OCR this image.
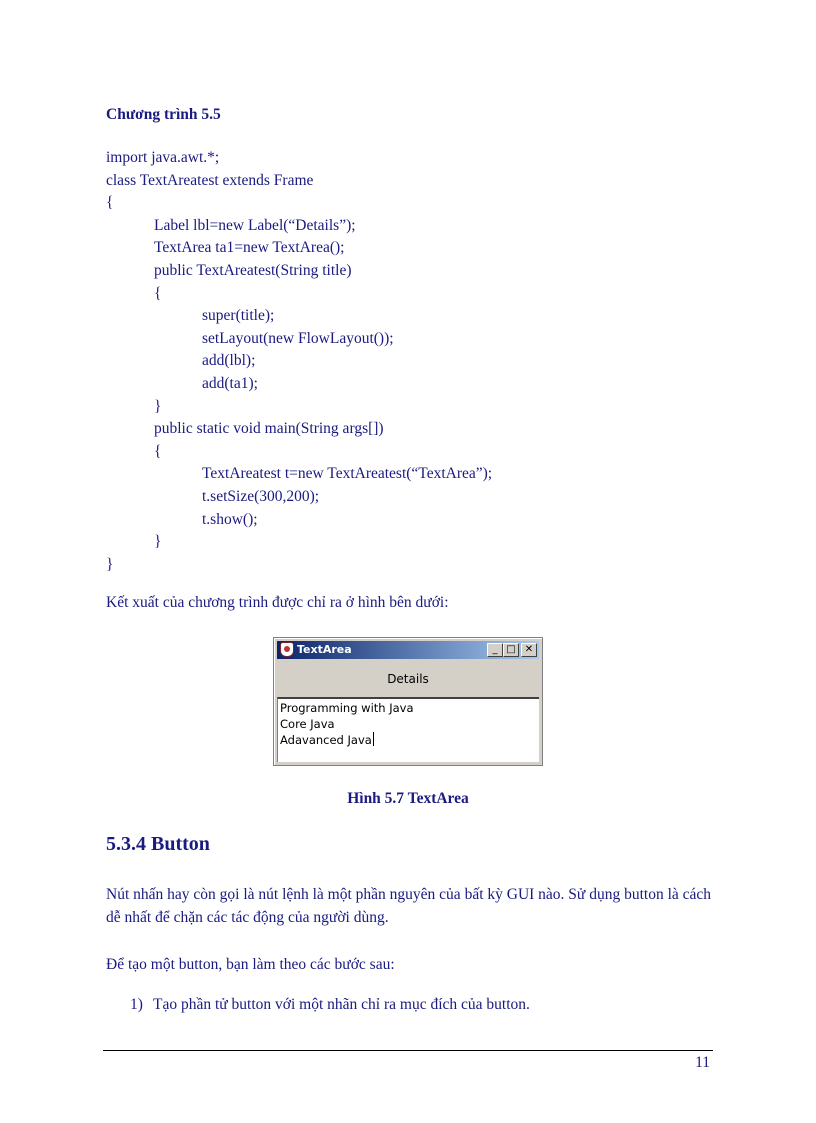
Chương trình 5.5
import java.awt.*;
class TextAreatest extends Frame
{
Label lbl=new Label(“Details”);
TextArea ta1=new TextArea();
public TextAreatest(String title)
{
super(title);
setLayout(new FlowLayout());
add(lbl);
add(ta1);
}
public static void main(String args[])
{
TextAreatest t=new TextAreatest(“TextArea”);
t.setSize(300,200);
t.show();
}
}
Kết xuất của chương trình được chỉ ra ở hình bên dưới:
TextArea	_ □ ✕
Details
Programming with Java
Core Java
Adavanced Java
Hình 5.7 TextArea
5.3.4 Button
Nút nhấn hay còn gọi là nút lệnh là một phần nguyên của bất kỳ GUI nào. Sử dụng button là cách dễ nhất để chặn các tác động của người dùng.
Để tạo một button, bạn làm theo các bước sau:
1) Tạo phần tử button với một nhãn chỉ ra mục đích của button.
11
